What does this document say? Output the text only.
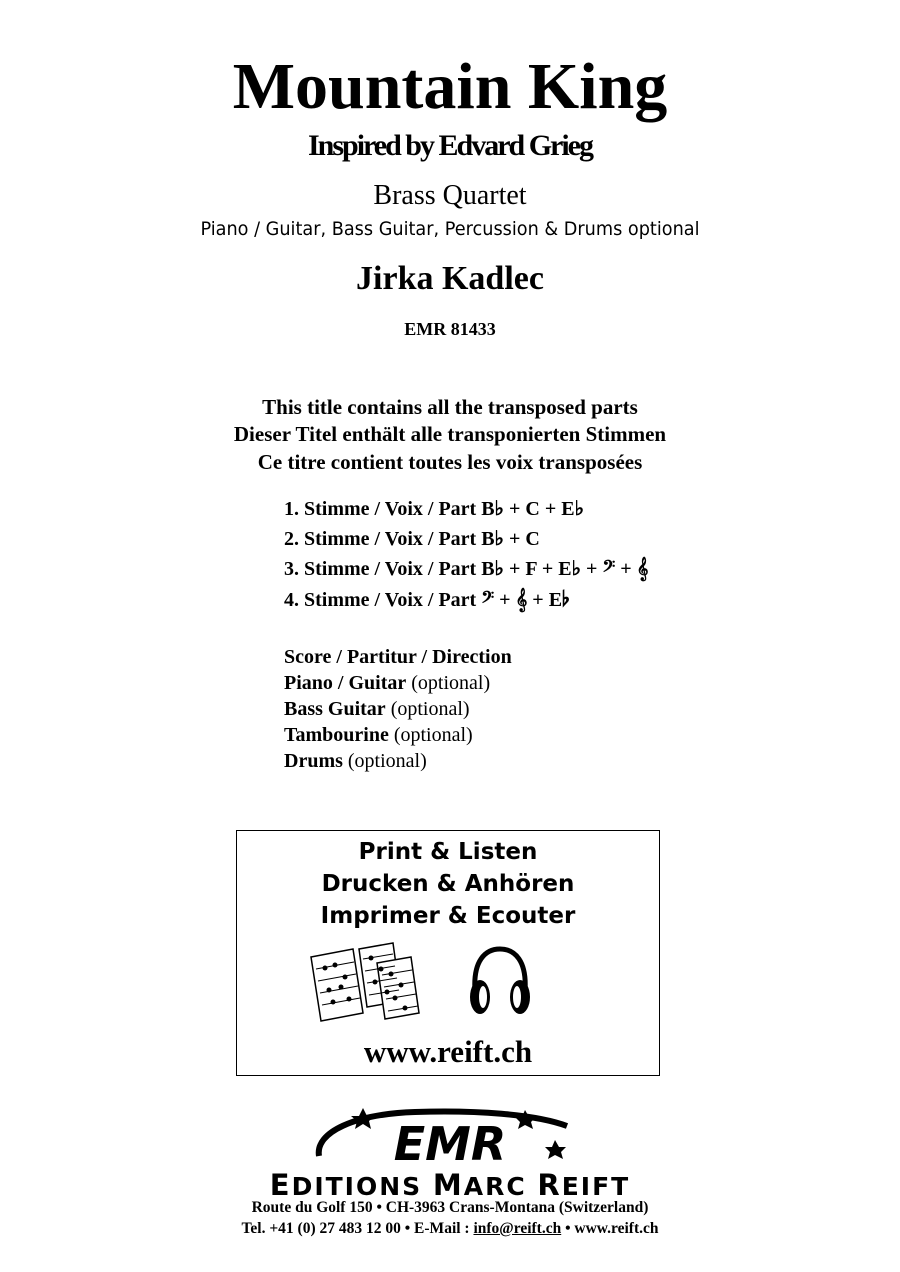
Mountain King
Inspired by Edvard Grieg
Brass Quartet
Piano / Guitar, Bass Guitar, Percussion & Drums optional
Jirka Kadlec
EMR 81433
This title contains all the transposed parts
Dieser Titel enthält alle transponierten Stimmen
Ce titre contient toutes les voix transposées
1. Stimme / Voix / Part B♭ + C + E♭
2. Stimme / Voix / Part B♭ + C
3. Stimme / Voix / Part B♭ + F + E♭ + 𝄢 + 𝄞
4. Stimme / Voix / Part 𝄢 + 𝄞 + E♭
Score / Partitur / Direction
Piano / Guitar (optional)
Bass Guitar (optional)
Tambourine (optional)
Drums (optional)
Print & Listen
Drucken & Anhören
Imprimer & Ecouter
www.reift.ch
EMR
EDITIONS MARC REIFT
Route du Golf 150 • CH-3963 Crans-Montana (Switzerland)
Tel. +41 (0) 27 483 12 00 • E-Mail : info@reift.ch • www.reift.ch
